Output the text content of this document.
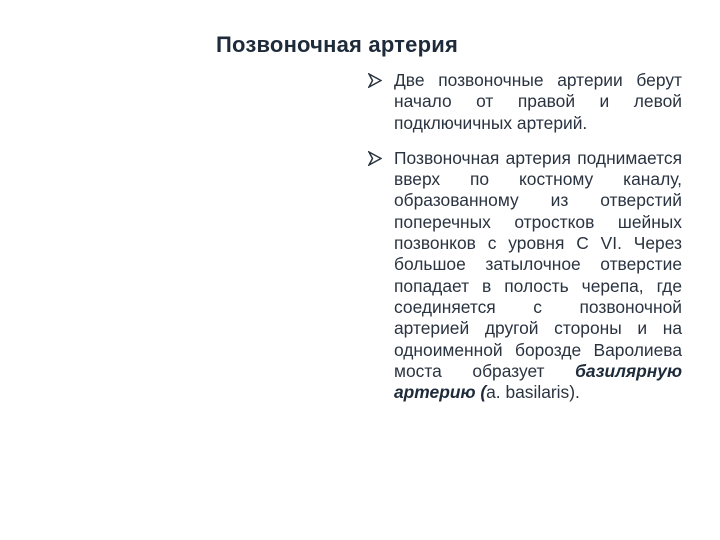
Позвоночная артерия
Две позвоночные артерии берут начало от правой и левой подключичных артерий.
Позвоночная артерия поднимается вверх по костному каналу, образованному из отверстий поперечных отростков шейных позвонков с уровня С VI. Через большое затылочное отверстие попадает в полость черепа, где соединяется с позвоночной артерией другой стороны и на одноименной борозде Варолиева моста образует базилярную артерию (a. basilaris).
